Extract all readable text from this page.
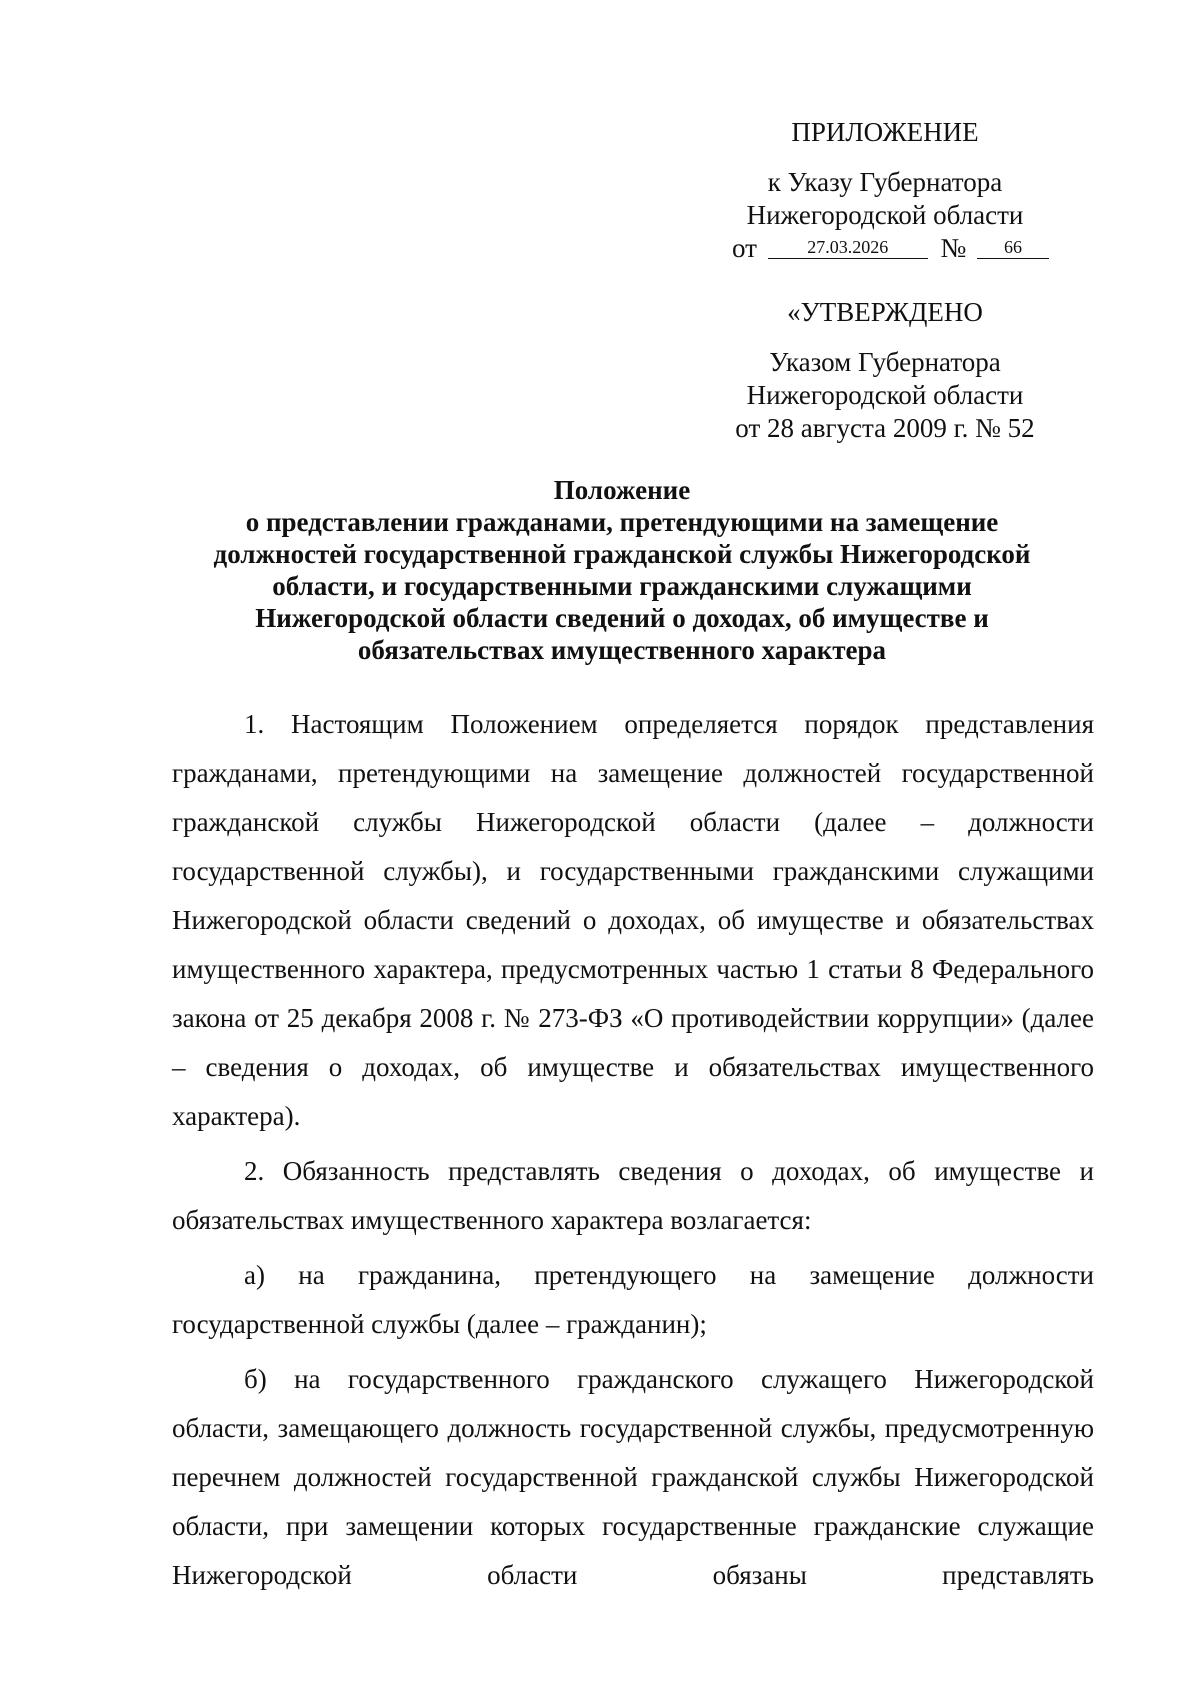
ПРИЛОЖЕНИЕ
к Указу Губернатора
Нижегородской области
от	27.03.2026 № 66
«УТВЕРЖДЕНО
Указом Губернатора
Нижегородской области
от 28 августа 2009 г. № 52
Положение
о представлении гражданами, претендующими на замещение
должностей государственной гражданской службы Нижегородской
области, и государственными гражданскими служащими
Нижегородской области сведений о доходах, об имуществе и
обязательствах имущественного характера

1. Настоящим Положением определяется порядок представления гражданами, претендующими на замещение должностей государственной гражданской службы Нижегородской области (далее – должности государственной службы), и государственными гражданскими служащими Нижегородской области сведений о доходах, об имуществе и обязательствах имущественного характера, предусмотренных частью 1 статьи 8 Федерального закона от 25 декабря 2008 г. № 273-ФЗ «О противодействии коррупции» (далее – сведения о доходах, об имуществе и обязательствах имущественного характера).

2. Обязанность представлять сведения о доходах, об имуществе и обязательствах имущественного характера возлагается:

а) на гражданина, претендующего на замещение должности государственной службы (далее – гражданин);

б) на государственного гражданского служащего Нижегородской области, замещающего должность государственной службы, предусмотренную перечнем должностей государственной гражданской службы Нижегородской области, при замещении которых государственные гражданские служащие Нижегородской области обязаны представлять
